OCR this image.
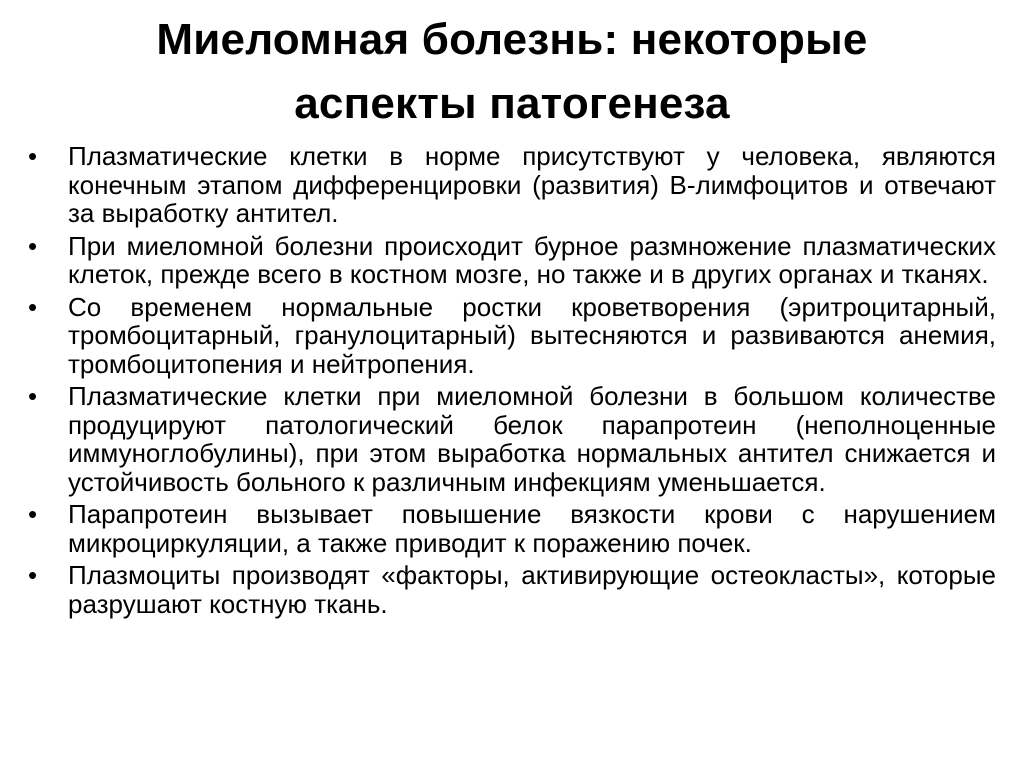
Миеломная болезнь: некоторые
аспекты патогенеза
• Плазматические клетки в норме присутствуют у человека, являются конечным этапом дифференцировки (развития) В-лимфоцитов и отвечают за выработку антител.
• При миеломной болезни происходит бурное размножение плазматических клеток, прежде всего в костном мозге, но также и в других органах и тканях.
• Со временем нормальные ростки кроветворения (эритроцитарный, тромбоцитарный, гранулоцитарный) вытесняются и развиваются анемия, тромбоцитопения и нейтропения.
• Плазматические клетки при миеломной болезни в большом количестве продуцируют патологический белок парапротеин (неполноценные иммуноглобулины), при этом выработка нормальных антител снижается и устойчивость больного к различным инфекциям уменьшается.
• Парапротеин вызывает повышение вязкости крови с нарушением микроциркуляции, а также приводит к поражению почек.
• Плазмоциты производят «факторы, активирующие остеокласты», которые разрушают костную ткань.
